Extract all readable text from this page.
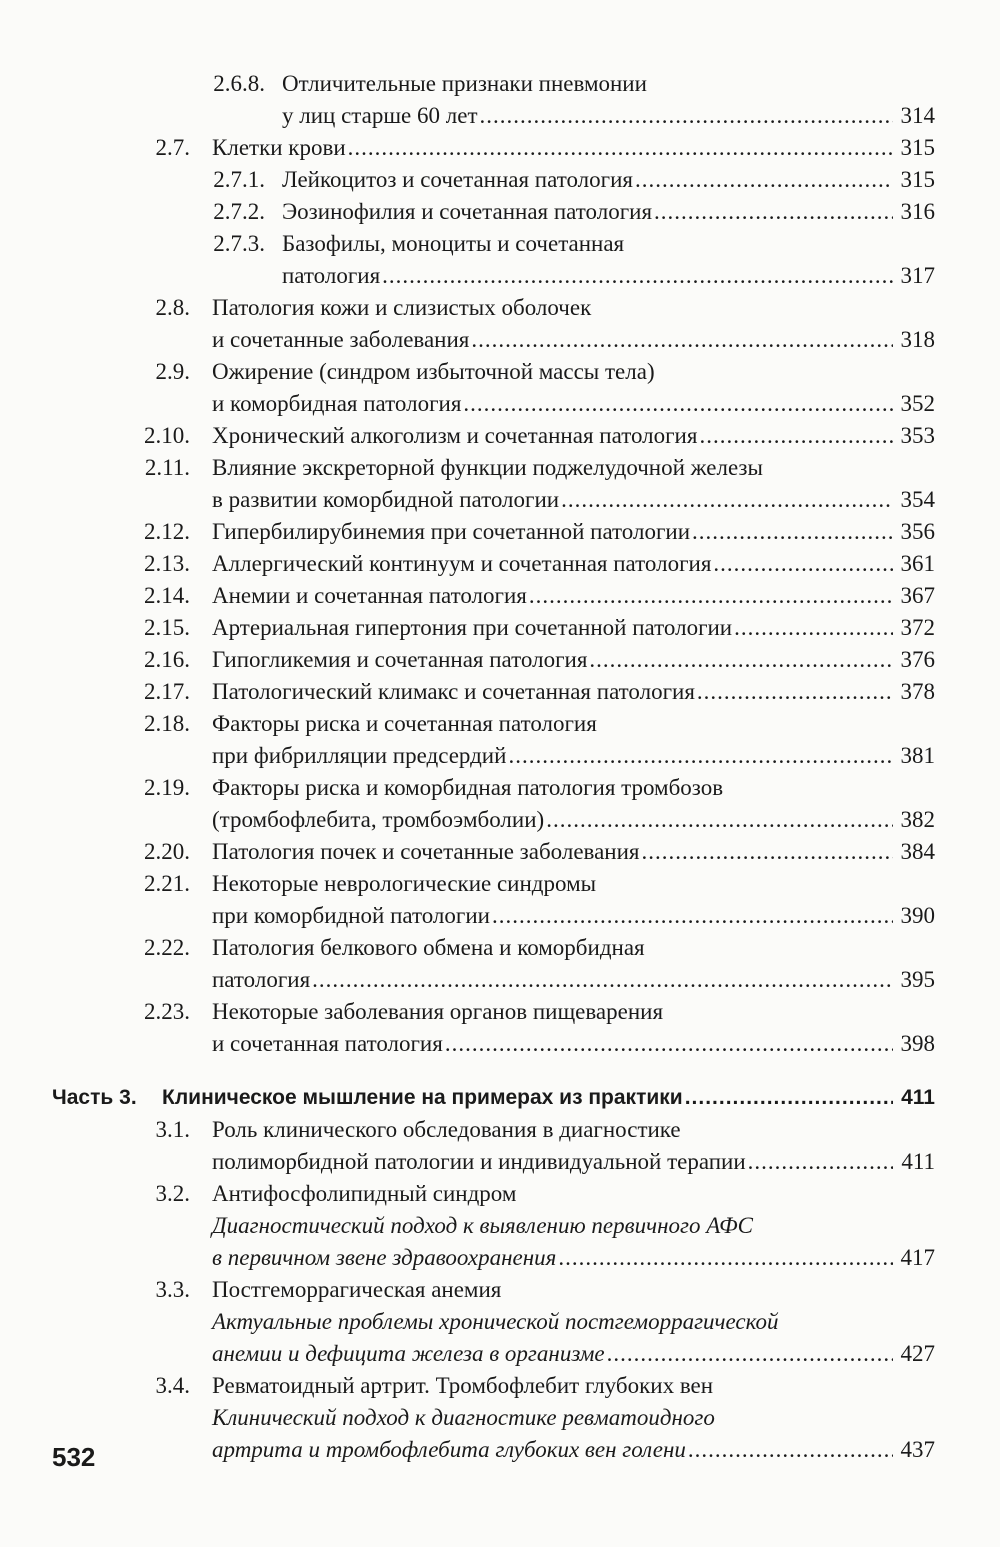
2.6.8. Отличительные признаки пневмонии
у лиц старше 60 лет .....	314
2.7. Клетки крови .....	315
2.7.1. Лейкоцитоз и сочетанная патология .....	315
2.7.2. Эозинофилия и сочетанная патология .....	316
2.7.3. Базофилы, моноциты и сочетанная
патология .....	317
2.8. Патология кожи и слизистых оболочек
и сочетанные заболевания .....	318
2.9. Ожирение (синдром избыточной массы тела)
и коморбидная патология .....	352
2.10. Хронический алкоголизм и сочетанная патология .....	353
2.11. Влияние экскреторной функции поджелудочной железы
в развитии коморбидной патологии .....	354
2.12. Гипербилирубинемия при сочетанной патологии .....	356
2.13. Аллергический континуум и сочетанная патология .....	361
2.14. Анемии и сочетанная патология .....	367
2.15. Артериальная гипертония при сочетанной патологии .....	372
2.16. Гипогликемия и сочетанная патология .....	376
2.17. Патологический климакс и сочетанная патология .....	378
2.18. Факторы риска и сочетанная патология
при фибрилляции предсердий .....	381
2.19. Факторы риска и коморбидная патология тромбозов
(тромбофлебита, тромбоэмболии) .....	382
2.20. Патология почек и сочетанные заболевания .....	384
2.21. Некоторые неврологические синдромы
при коморбидной патологии .....	390
2.22. Патология белкового обмена и коморбидная
патология .....	395
2.23. Некоторые заболевания органов пищеварения
и сочетанная патология .....	398
Часть 3.	Клиническое мышление на примерах из практики .....	411
3.1. Роль клинического обследования в диагностике
полиморбидной патологии и индивидуальной терапии .....	411
3.2. Антифосфолипидный синдром
Диагностический подход к выявлению первичного АФС
в первичном звене здравоохранения .....	417
3.3. Постгеморрагическая анемия
Актуальные проблемы хронической постгеморрагической
анемии и дефицита железа в организме .....	427
3.4. Ревматоидный артрит. Тромбофлебит глубоких вен
Клинический подход к диагностике ревматоидного
артрита и тромбофлебита глубоких вен голени .....	437
532
